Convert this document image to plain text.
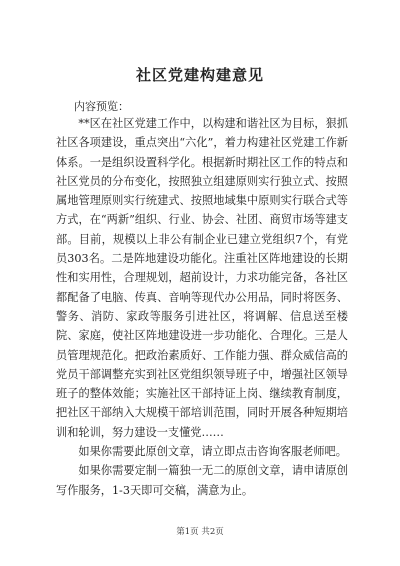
社区党建构建意见
内容预览：

**区在社区党建工作中，以构建和谐社区为目标，狠抓社区各项建设，重点突出“六化”，着力构建社区党建工作新体系。一是组织设置科学化。根据新时期社区工作的特点和社区党员的分布变化，按照独立组建原则实行独立式、按照属地管理原则实行统建式、按照地域集中原则实行联合式等方式，在“两新”组织、行业、协会、社团、商贸市场等建支部。目前，规模以上非公有制企业已建立党组织7个，有党员303名。二是阵地建设功能化。注重社区阵地建设的长期性和实用性，合理规划，超前设计，力求功能完备，各社区都配备了电脑、传真、音响等现代办公用品，同时将医务、警务、消防、家政等服务引进社区，将调解、信息送至楼院、家庭，使社区阵地建设进一步功能化、合理化。三是人员管理规范化。把政治素质好、工作能力强、群众威信高的党员干部调整充实到社区党组织领导班子中，增强社区领导班子的整体效能；实施社区干部持证上岗、继续教育制度，把社区干部纳入大规模干部培训范围，同时开展各种短期培训和轮训，努力建设一支懂党……

如果你需要此原创文章，请立即点击咨询客服老师吧。

如果你需要定制一篇独一无二的原创文章，请申请原创写作服务，1-3天即可交稿，满意为止。

第1页 共2页
